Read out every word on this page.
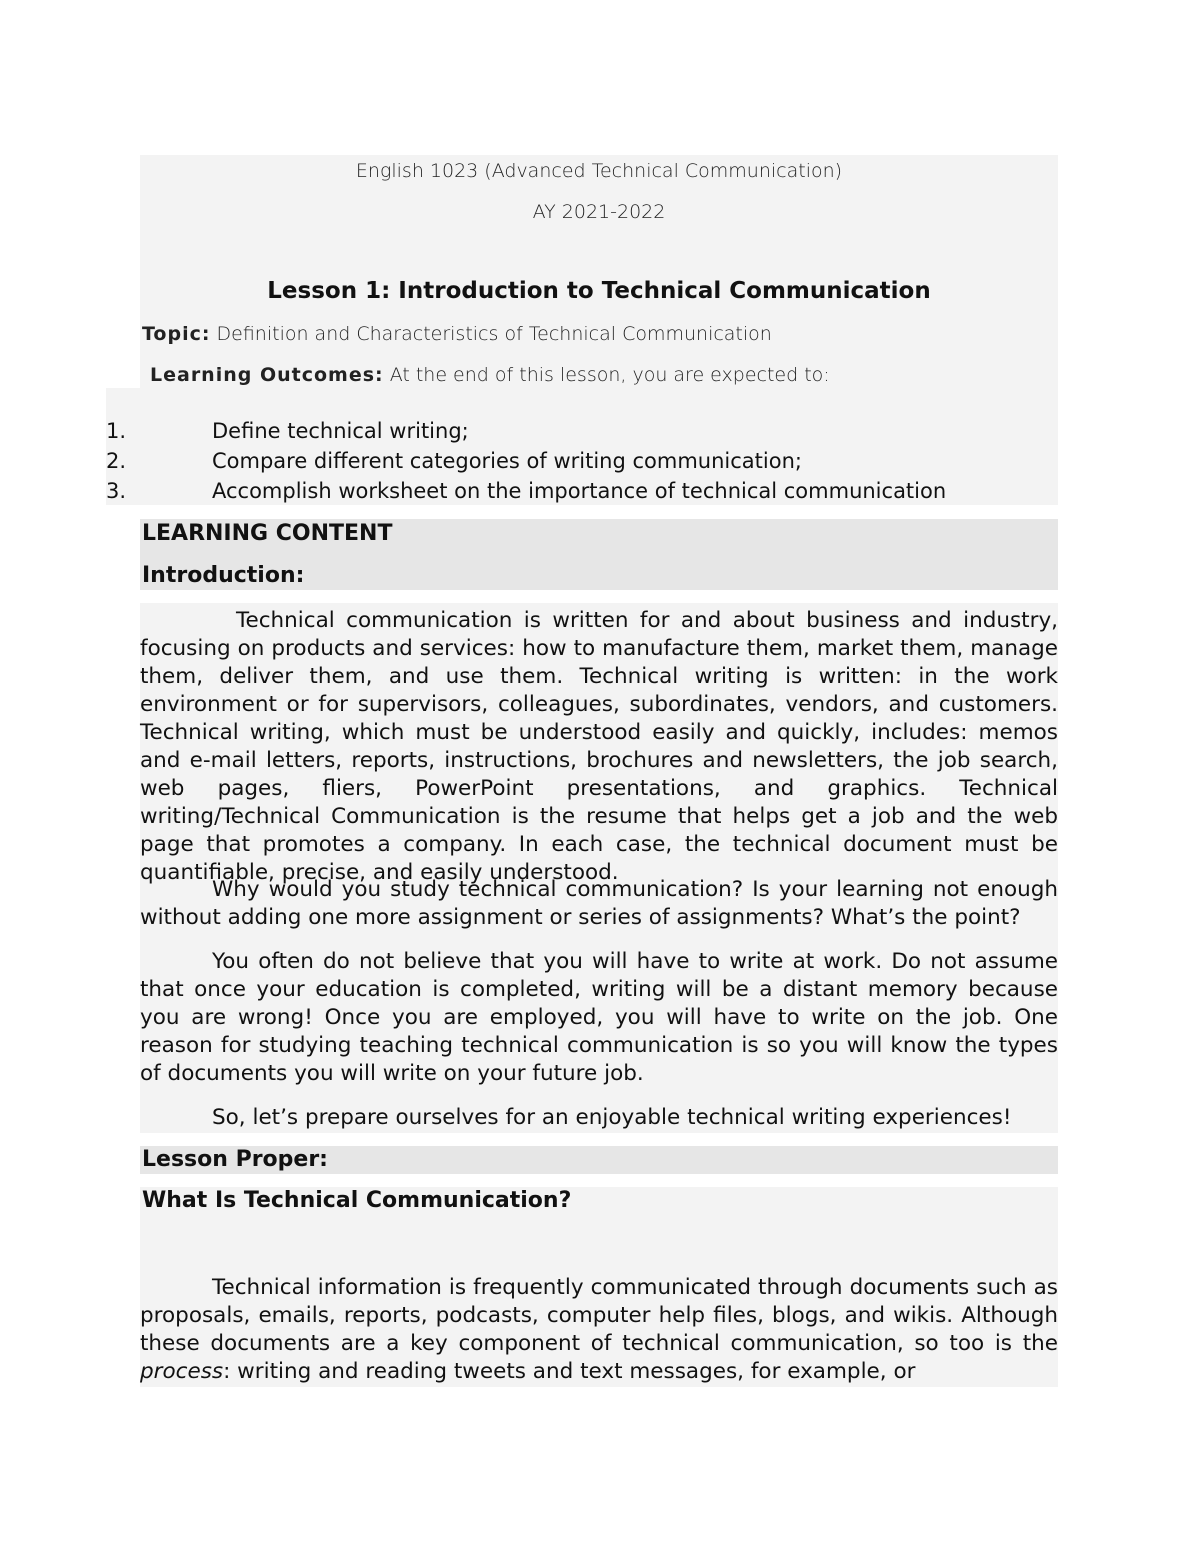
English 1023 (Advanced Technical Communication)
AY 2021-2022
Lesson 1: Introduction to Technical Communication
Topic: Definition and Characteristics of Technical Communication
Learning Outcomes: At the end of this lesson, you are expected to:
1.	Define technical writing;
2.	Compare different categories of writing communication;
3.	Accomplish worksheet on the importance of technical communication
LEARNING CONTENT
Introduction:
Technical communication is written for and about business and industry, focusing on products and services: how to manufacture them, market them, manage them, deliver them, and use them. Technical writing is written: in the work environment or for supervisors, colleagues, subordinates, vendors, and customers. Technical writing, which must be understood easily and quickly, includes: memos and e-mail letters, reports, instructions, brochures and newsletters, the job search, web pages, fliers, PowerPoint presentations, and graphics. Technical writing/Technical Communication is the resume that helps get a job and the web page that promotes a company. In each case, the technical document must be quantifiable, precise, and easily understood.
Why would you study technical communication? Is your learning not enough without adding one more assignment or series of assignments? What’s the point?
You often do not believe that you will have to write at work. Do not assume that once your education is completed, writing will be a distant memory because you are wrong! Once you are employed, you will have to write on the job. One reason for studying teaching technical communication is so you will know the types of documents you will write on your future job.
So, let’s prepare ourselves for an enjoyable technical writing experiences!
Lesson Proper:
What Is Technical Communication?
Technical information is frequently communicated through documents such as proposals, emails, reports, podcasts, computer help files, blogs, and wikis. Although these documents are a key component of technical communication, so too is the process: writing and reading tweets and text messages, for example, or
